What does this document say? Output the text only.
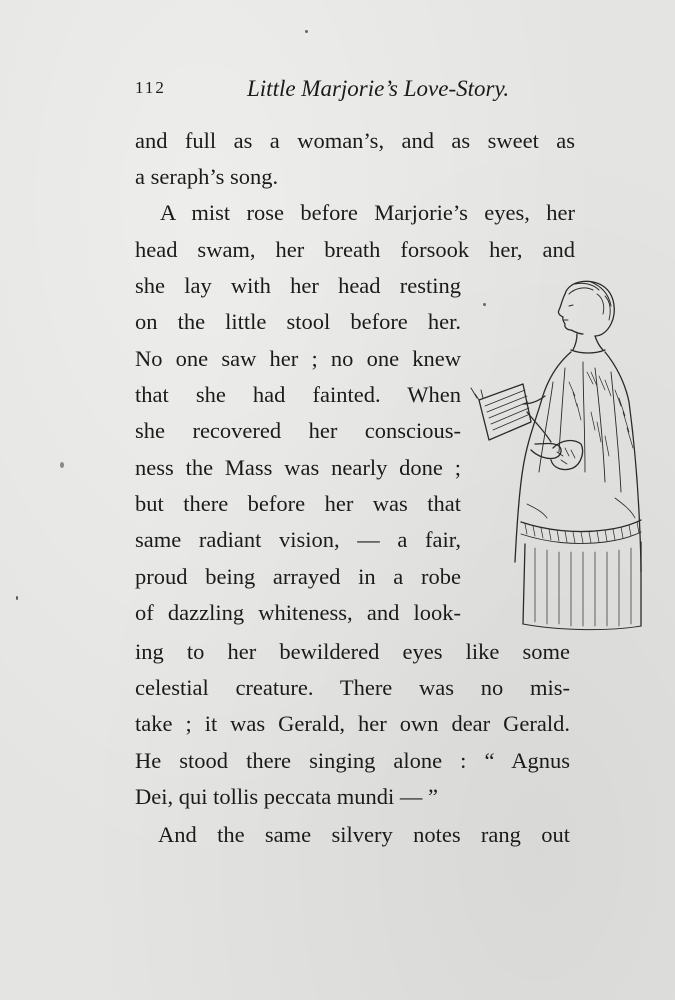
112	Little Marjorie’s Love-Story.
and full as a woman’s, and as sweet as
a seraph’s song.
A mist rose before Marjorie’s eyes, her
head swam, her breath forsook her, and
she lay with her head resting
on the little stool before her.
No one saw her ; no one knew
that she had fainted. When
she recovered her conscious-
ness the Mass was nearly done ;
but there before her was that
same radiant vision, — a fair,
proud being arrayed in a robe
of dazzling whiteness, and look-
ing to her bewildered eyes like some
celestial creature. There was no mis-
take ; it was Gerald, her own dear Gerald.
He stood there singing alone : “ Agnus
Dei, qui tollis peccata mundi — ”
And the same silvery notes rang out
